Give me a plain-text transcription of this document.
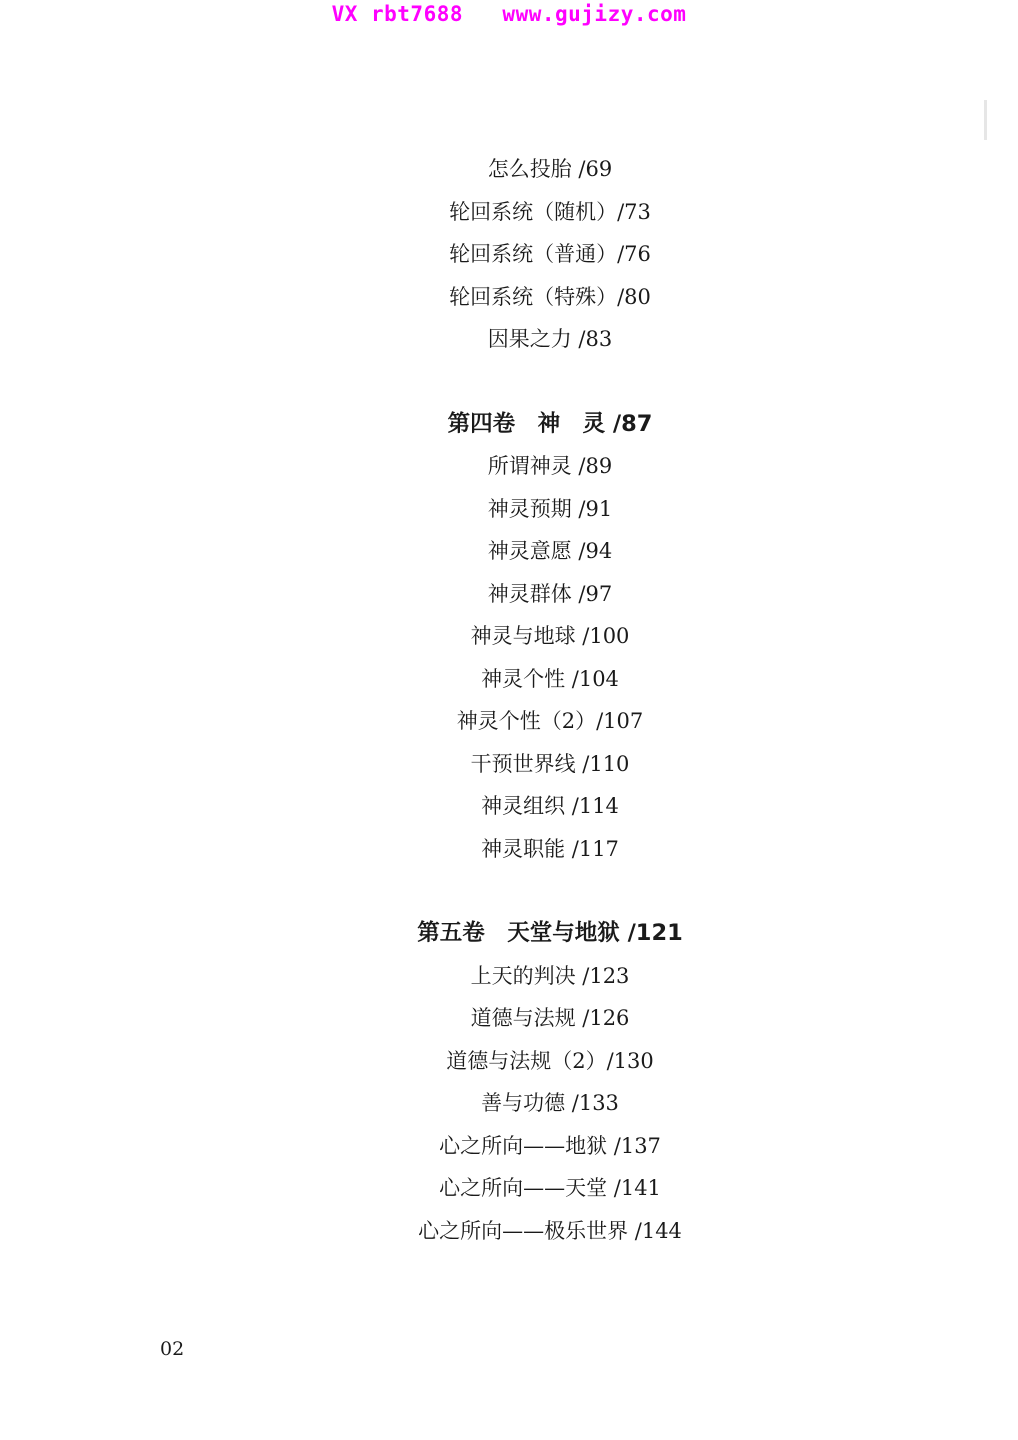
VX rbt7688   www.gujizy.com
怎么投胎 /69
轮回系统（随机）/73
轮回系统（普通）/76
轮回系统（特殊）/80
因果之力 /83
第四卷　神　灵 /87
所谓神灵 /89
神灵预期 /91
神灵意愿 /94
神灵群体 /97
神灵与地球 /100
神灵个性 /104
神灵个性（2）/107
干预世界线 /110
神灵组织 /114
神灵职能 /117
第五卷　天堂与地狱 /121
上天的判决 /123
道德与法规 /126
道德与法规（2）/130
善与功德 /133
心之所向——地狱 /137
心之所向——天堂 /141
心之所向——极乐世界 /144
02
